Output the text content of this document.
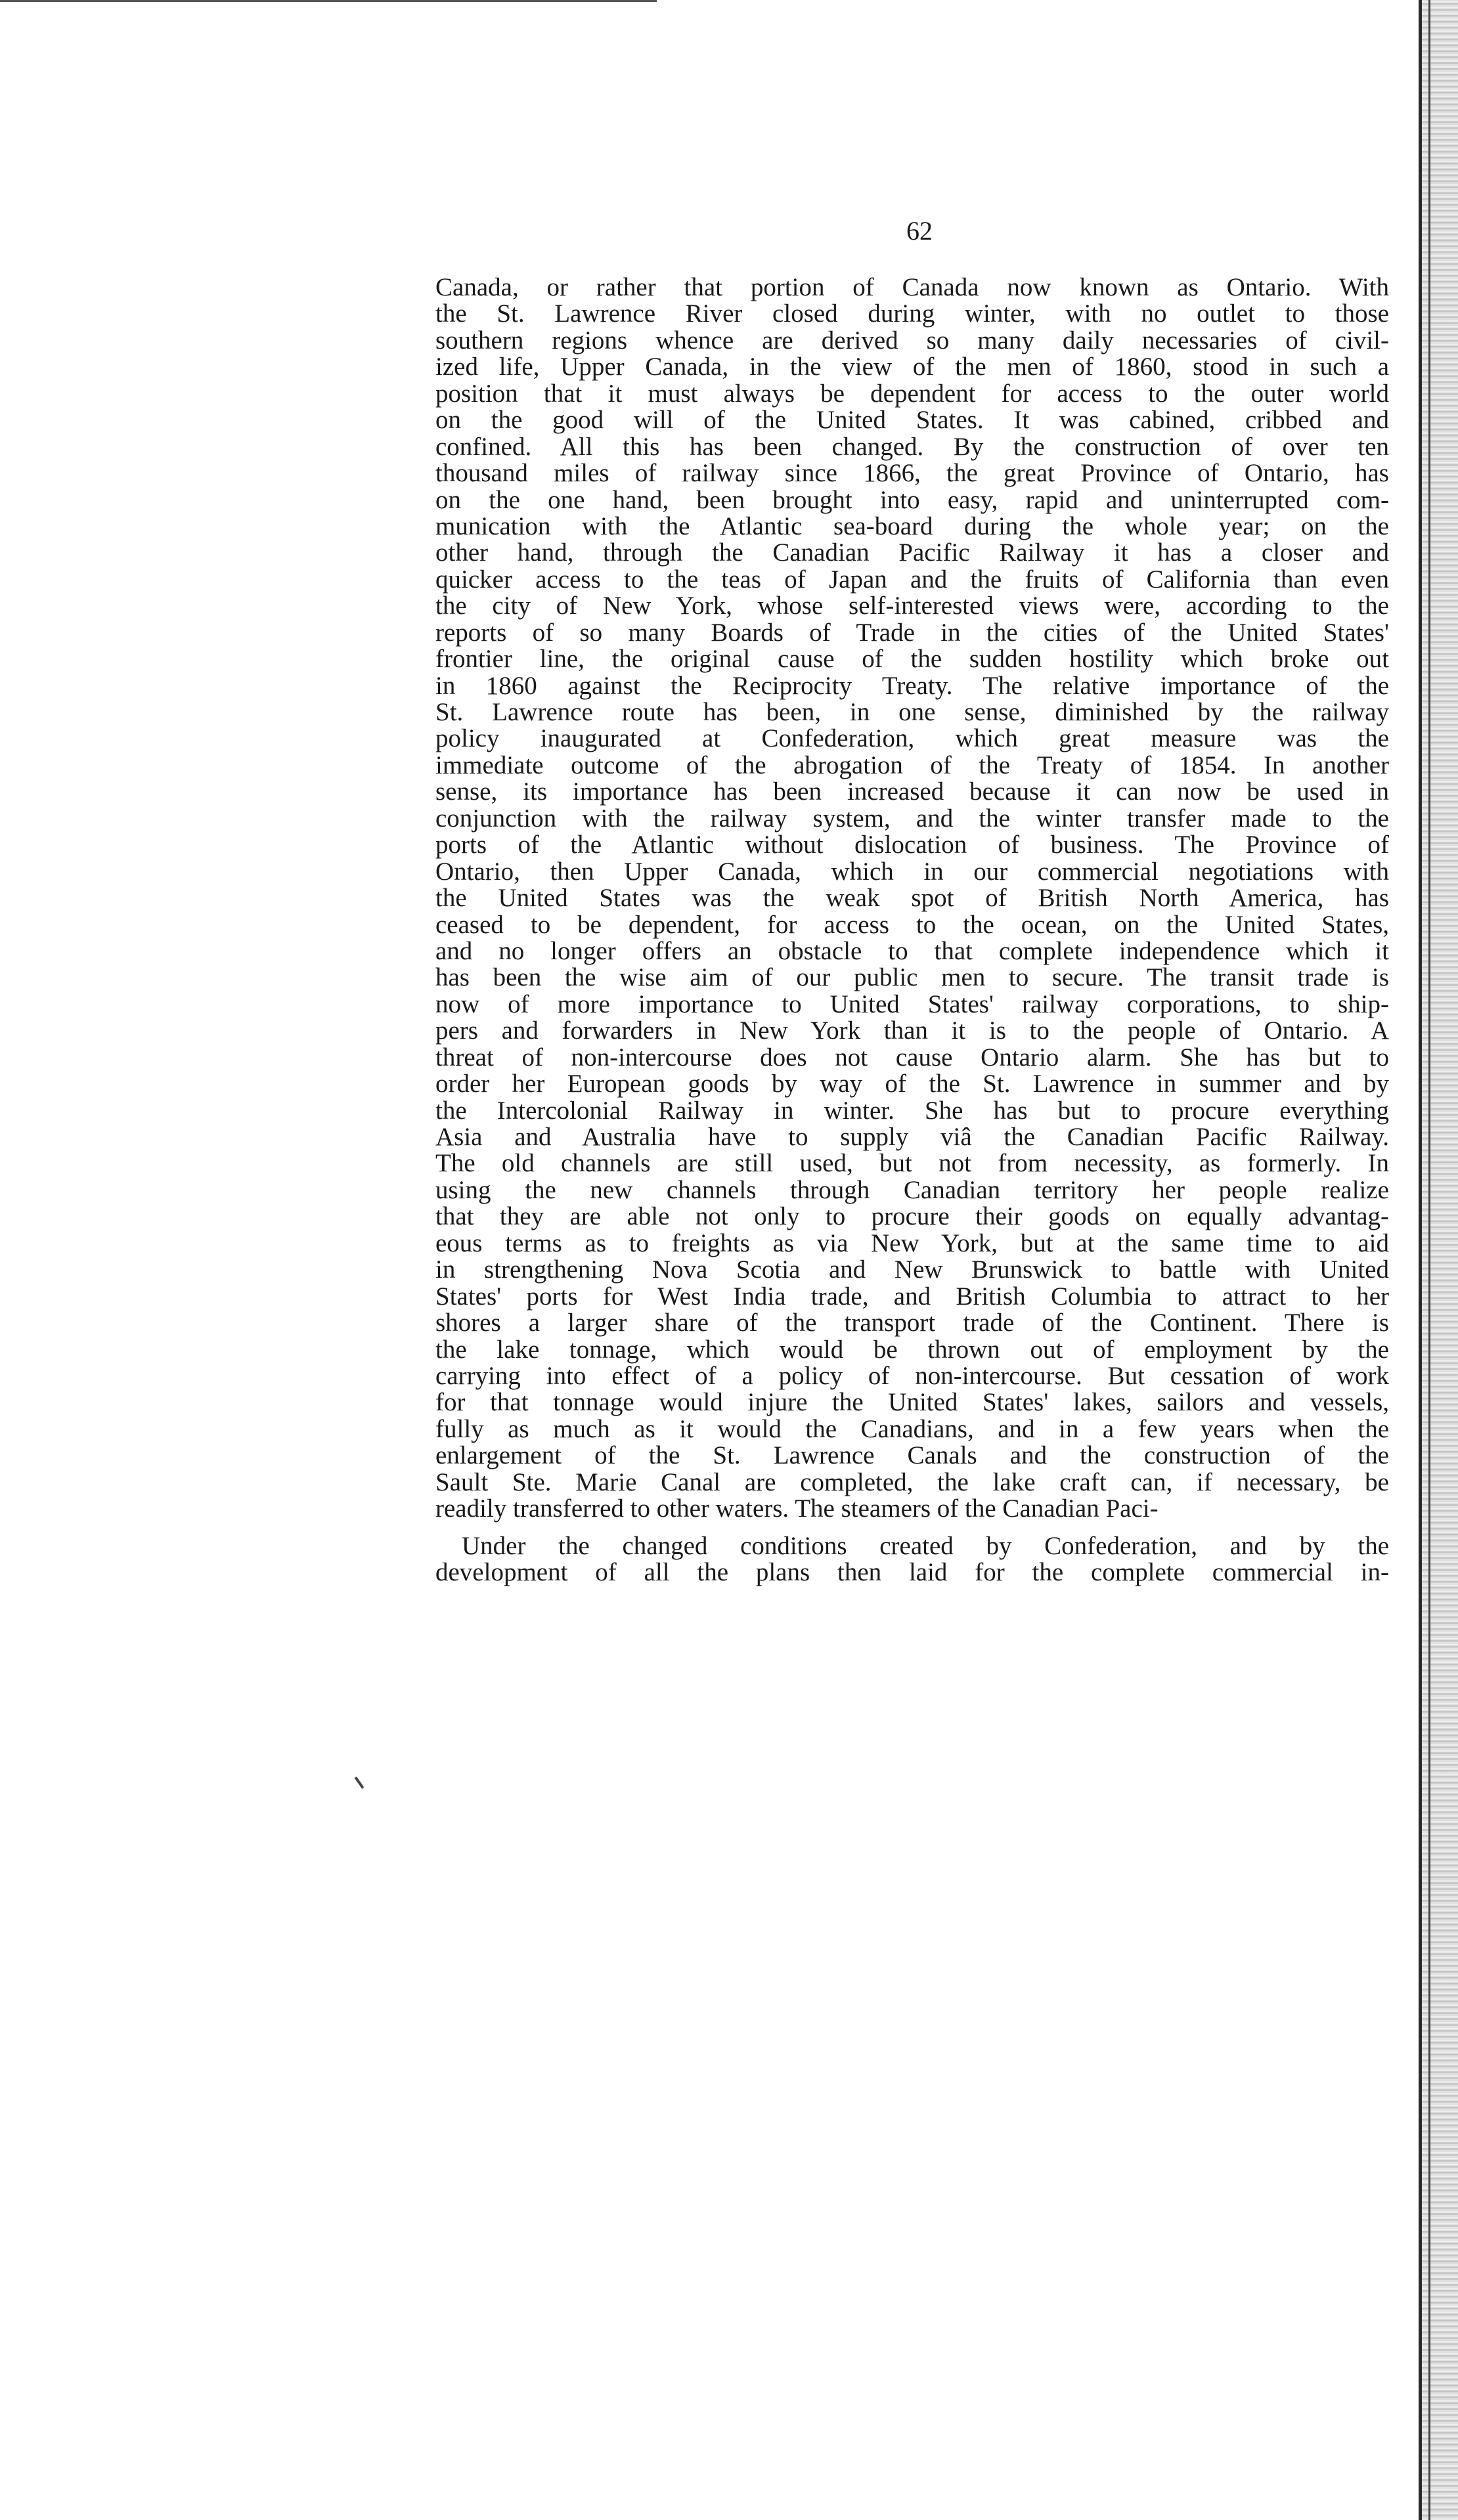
62
Canada, or rather that portion of Canada now known as Ontario. With
the St. Lawrence River closed during winter, with no outlet to those
southern regions whence are derived so many daily necessaries of civil-
ized life, Upper Canada, in the view of the men of 1860, stood in such a
position that it must always be dependent for access to the outer world
on the good will of the United States. It was cabined, cribbed and
confined. All this has been changed. By the construction of over ten
thousand miles of railway since 1866, the great Province of Ontario, has
on the one hand, been brought into easy, rapid and uninterrupted com-
munication with the Atlantic sea-board during the whole year; on the
other hand, through the Canadian Pacific Railway it has a closer and
quicker access to the teas of Japan and the fruits of California than even
the city of New York, whose self-interested views were, according to the
reports of so many Boards of Trade in the cities of the United States'
frontier line, the original cause of the sudden hostility which broke out
in 1860 against the Reciprocity Treaty. The relative importance of the
St. Lawrence route has been, in one sense, diminished by the railway
policy inaugurated at Confederation, which great measure was the
immediate outcome of the abrogation of the Treaty of 1854. In another
sense, its importance has been increased because it can now be used in
conjunction with the railway system, and the winter transfer made to the
ports of the Atlantic without dislocation of business. The Province of
Ontario, then Upper Canada, which in our commercial negotiations with
the United States was the weak spot of British North America, has
ceased to be dependent, for access to the ocean, on the United States,
and no longer offers an obstacle to that complete independence which it
has been the wise aim of our public men to secure. The transit trade is
now of more importance to United States' railway corporations, to ship-
pers and forwarders in New York than it is to the people of Ontario. A
threat of non-intercourse does not cause Ontario alarm. She has but to
order her European goods by way of the St. Lawrence in summer and by
the Intercolonial Railway in winter. She has but to procure everything
Asia and Australia have to supply viâ the Canadian Pacific Railway.
The old channels are still used, but not from necessity, as formerly. In
using the new channels through Canadian territory her people realize
that they are able not only to procure their goods on equally advantag-
eous terms as to freights as via New York, but at the same time to aid
in strengthening Nova Scotia and New Brunswick to battle with United
States' ports for West India trade, and British Columbia to attract to her
shores a larger share of the transport trade of the Continent. There is
the lake tonnage, which would be thrown out of employment by the
carrying into effect of a policy of non-intercourse. But cessation of work
for that tonnage would injure the United States' lakes, sailors and vessels,
fully as much as it would the Canadians, and in a few years when the
enlargement of the St. Lawrence Canals and the construction of the
Sault Ste. Marie Canal are completed, the lake craft can, if necessary, be
readily transferred to other waters. The steamers of the Canadian Paci-
Under the changed conditions created by Confederation, and by the
development of all the plans then laid for the complete commercial in-
